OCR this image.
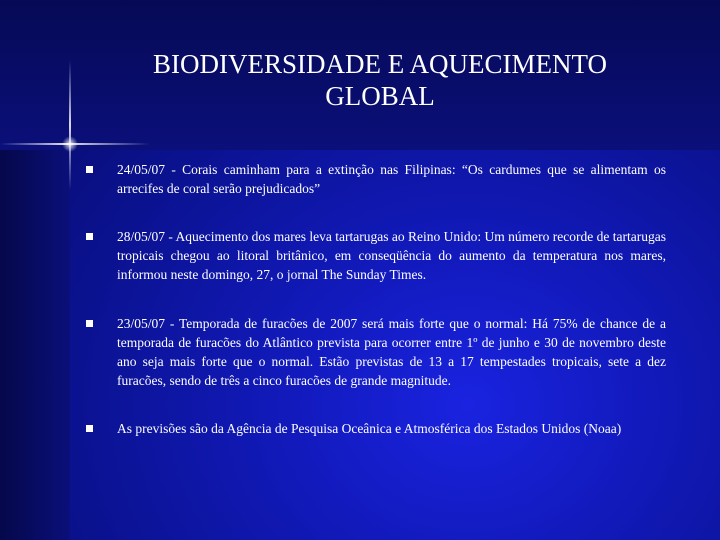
BIODIVERSIDADE E AQUECIMENTO
GLOBAL
24/05/07 - Corais caminham para a extinção nas Filipinas: “Os cardumes que se alimentam os arrecifes de coral serão prejudicados”
28/05/07 - Aquecimento dos mares leva tartarugas ao Reino Unido: Um número recorde de tartarugas tropicais chegou ao litoral britânico, em conseqüência do aumento da temperatura nos mares, informou neste domingo, 27, o jornal The Sunday Times.
23/05/07 - Temporada de furacões de 2007 será mais forte que o normal: Há 75% de chance de a temporada de furacões do Atlântico prevista para ocorrer entre 1º de junho e 30 de novembro deste ano seja mais forte que o normal. Estão previstas de 13 a 17 tempestades tropicais, sete a dez furacões, sendo de três a cinco furacões de grande magnitude.
As previsões são da Agência de Pesquisa Oceânica e Atmosférica dos Estados Unidos (Noaa)
